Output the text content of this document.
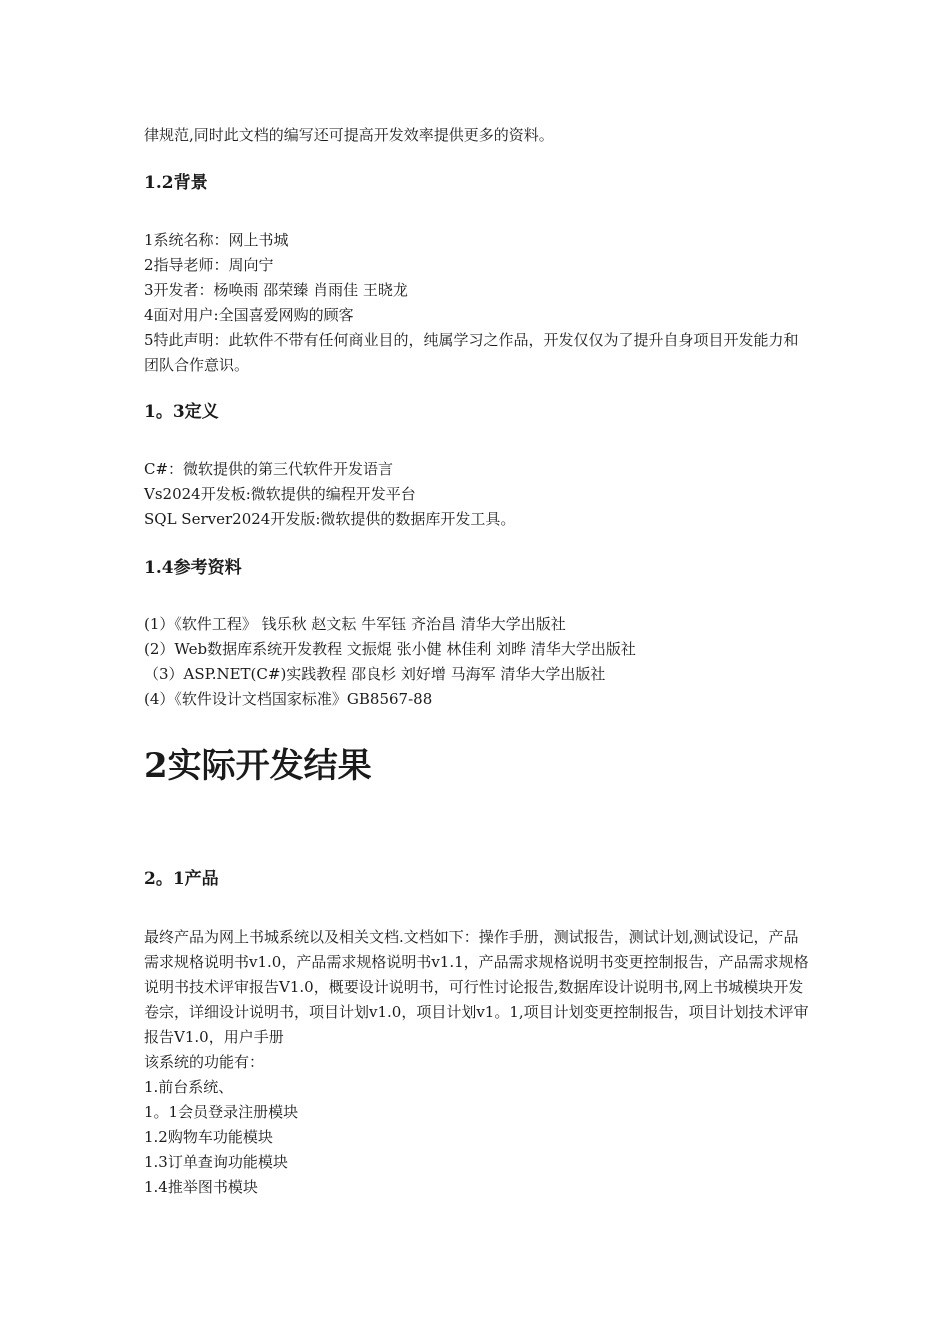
律规范,同时此文档的编写还可提高开发效率提供更多的资料。
1.2背景
1系统名称：网上书城
2指导老师：周向宁
3开发者：杨唤雨 邵荣臻 肖雨佳 王晓龙
4面对用户:全国喜爱网购的顾客
5特此声明：此软件不带有任何商业目的，纯属学习之作品，开发仅仅为了提升自身项目开发能力和团队合作意识。
1。3定义
C#：微软提供的第三代软件开发语言
Vs2024开发板:微软提供的编程开发平台
SQL Server2024开发版:微软提供的数据库开发工具。
1.4参考资料
(1）《软件工程》 钱乐秋 赵文耘 牛军钰 齐治昌 清华大学出版社
(2）Web数据库系统开发教程 文振焜 张小健 林佳利 刘晔 清华大学出版社
（3）ASP.NET(C#)实践教程 邵良杉 刘好增 马海军 清华大学出版社
(4）《软件设计文档国家标准》GB8567-88
2实际开发结果
2。1产品
最终产品为网上书城系统以及相关文档.文档如下：操作手册，测试报告，测试计划,测试设记，产品需求规格说明书v1.0，产品需求规格说明书v1.1，产品需求规格说明书变更控制报告，产品需求规格说明书技术评审报告V1.0，概要设计说明书，可行性讨论报告,数据库设计说明书,网上书城模块开发卷宗，详细设计说明书，项目计划v1.0，项目计划v1。1,项目计划变更控制报告，项目计划技术评审报告V1.0，用户手册
该系统的功能有：
1.前台系统、
1。1会员登录注册模块
1.2购物车功能模块
1.3订单查询功能模块
1.4推举图书模块
